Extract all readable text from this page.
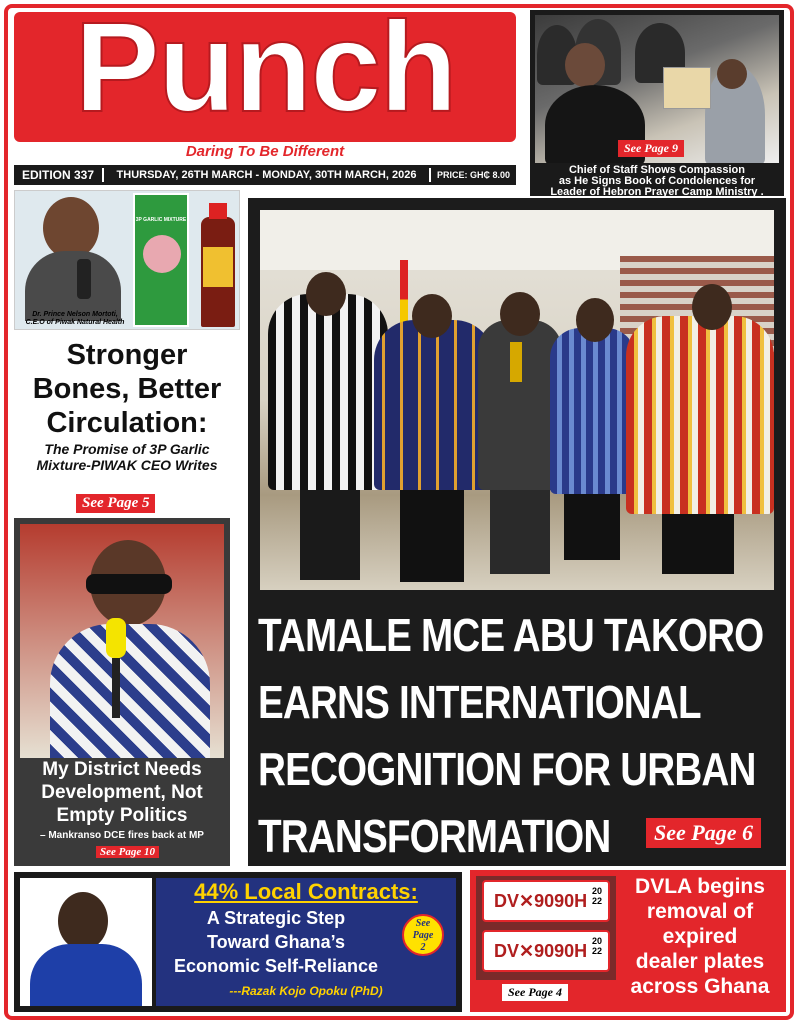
Punch
Daring To Be Different
EDITION 337	THURSDAY, 26TH MARCH - MONDAY, 30TH MARCH, 2026	PRICE: GH₵ 8.00
See Page 9
Chief of Staff Shows Compassion
as He Signs Book of Condolences for
Leader of Hebron Prayer Camp Ministry .
3P GARLIC MIXTURE
Dr. Prince Nelson Mortoti,
C.E.O of Piwak Natural Health
Stronger
Bones, Better
Circulation:
The Promise of 3P Garlic
Mixture-PIWAK CEO Writes
See Page 5
My District Needs
Development, Not
Empty Politics
– Mankranso DCE fires back at MP
See Page 10
TAMALE MCE ABU TAKORO
EARNS INTERNATIONAL
RECOGNITION FOR URBAN
TRANSFORMATION	See Page 6
44% Local Contracts:
A Strategic Step
Toward Ghana’s
Economic Self-Reliance
See
Page
2
---Razak Kojo Opoku (PhD)
DV✕9090H 20
22
DV✕9090H 20
22
See Page 4
DVLA begins
removal of
expired
dealer plates
across Ghana
